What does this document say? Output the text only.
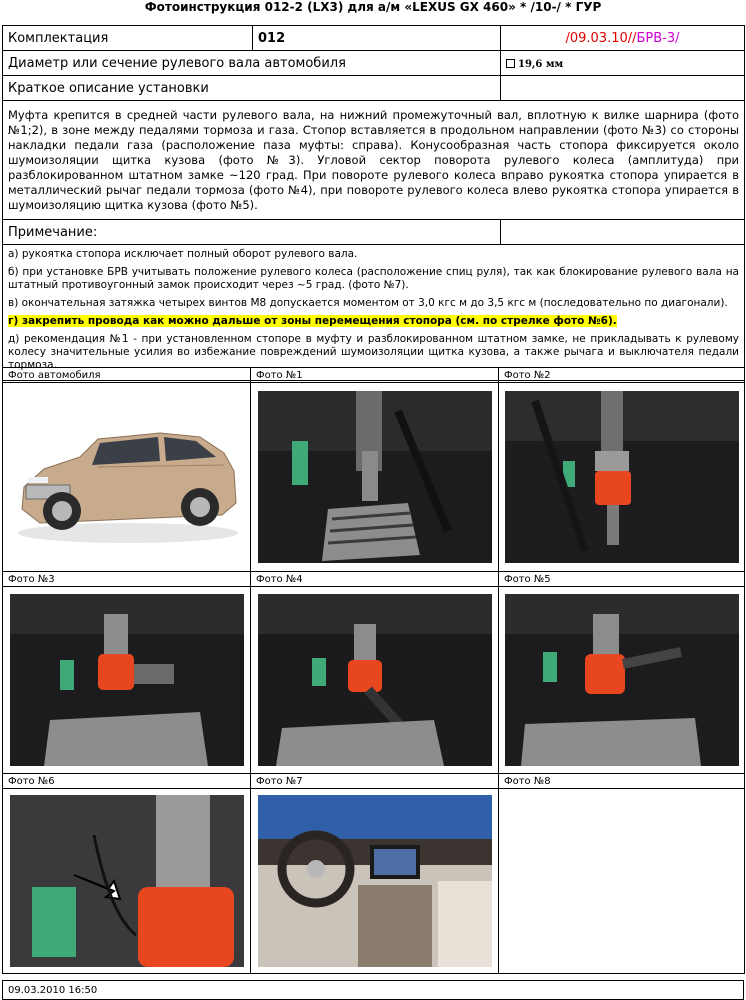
Фотоинструкция 012-2 (LX3) для а/м «LEXUS GX 460» * /10-/ * ГУР
Комплектация	012	/09.03.10//БРВ-3/
Диаметр или сечение рулевого вала автомобиля		19,6 мм
Краткое описание установки		
Муфта крепится в средней части рулевого вала, на нижний промежуточный вал, вплотную к вилке шарнира (фото №1;2), в зоне между педалями тормоза и газа. Стопор вставляется в продольном направлении (фото №3) со стороны накладки педали газа (расположение паза муфты: справа). Конусообразная часть стопора фиксируется около шумоизоляции щитка кузова (фото №3). Угловой сектор поворота рулевого колеса (амплитуда) при разблокированном штатном замке ~120 град. При повороте рулевого колеса вправо рукоятка стопора упирается в металлический рычаг педали тормоза (фото №4), при повороте рулевого колеса влево рукоятка стопора упирается в шумоизоляцию щитка кузова (фото №5).		
Примечание:		

а) рукоятка стопора исключает полный оборот рулевого вала.

б) при установке БРВ учитывать положение рулевого колеса (расположение спиц руля), так как блокирование рулевого вала на штатный противоугонный замок происходит через ~5 град. (фото №7).

в) окончательная затяжка четырех винтов М8 допускается моментом от 3,0 кгс м до 3,5 кгс м (последовательно по диагонали).

г) закрепить провода как можно дальше от зоны перемещения стопора (см. по стрелке фото №6).

д) рекомендация №1 - при установленном стопоре в муфту и разблокированном штатном замке, не прикладывать к рулевому колесу значительные усилия во избежание повреждений шумоизоляции щитка кузова, а также рычага и выключателя педали тормоза.		

Фото автомобиля	Фото №1	Фото №2

Фото №3	Фото №4	Фото №5

Фото №6	Фото №7	Фото №8

09.03.2010 16:50
